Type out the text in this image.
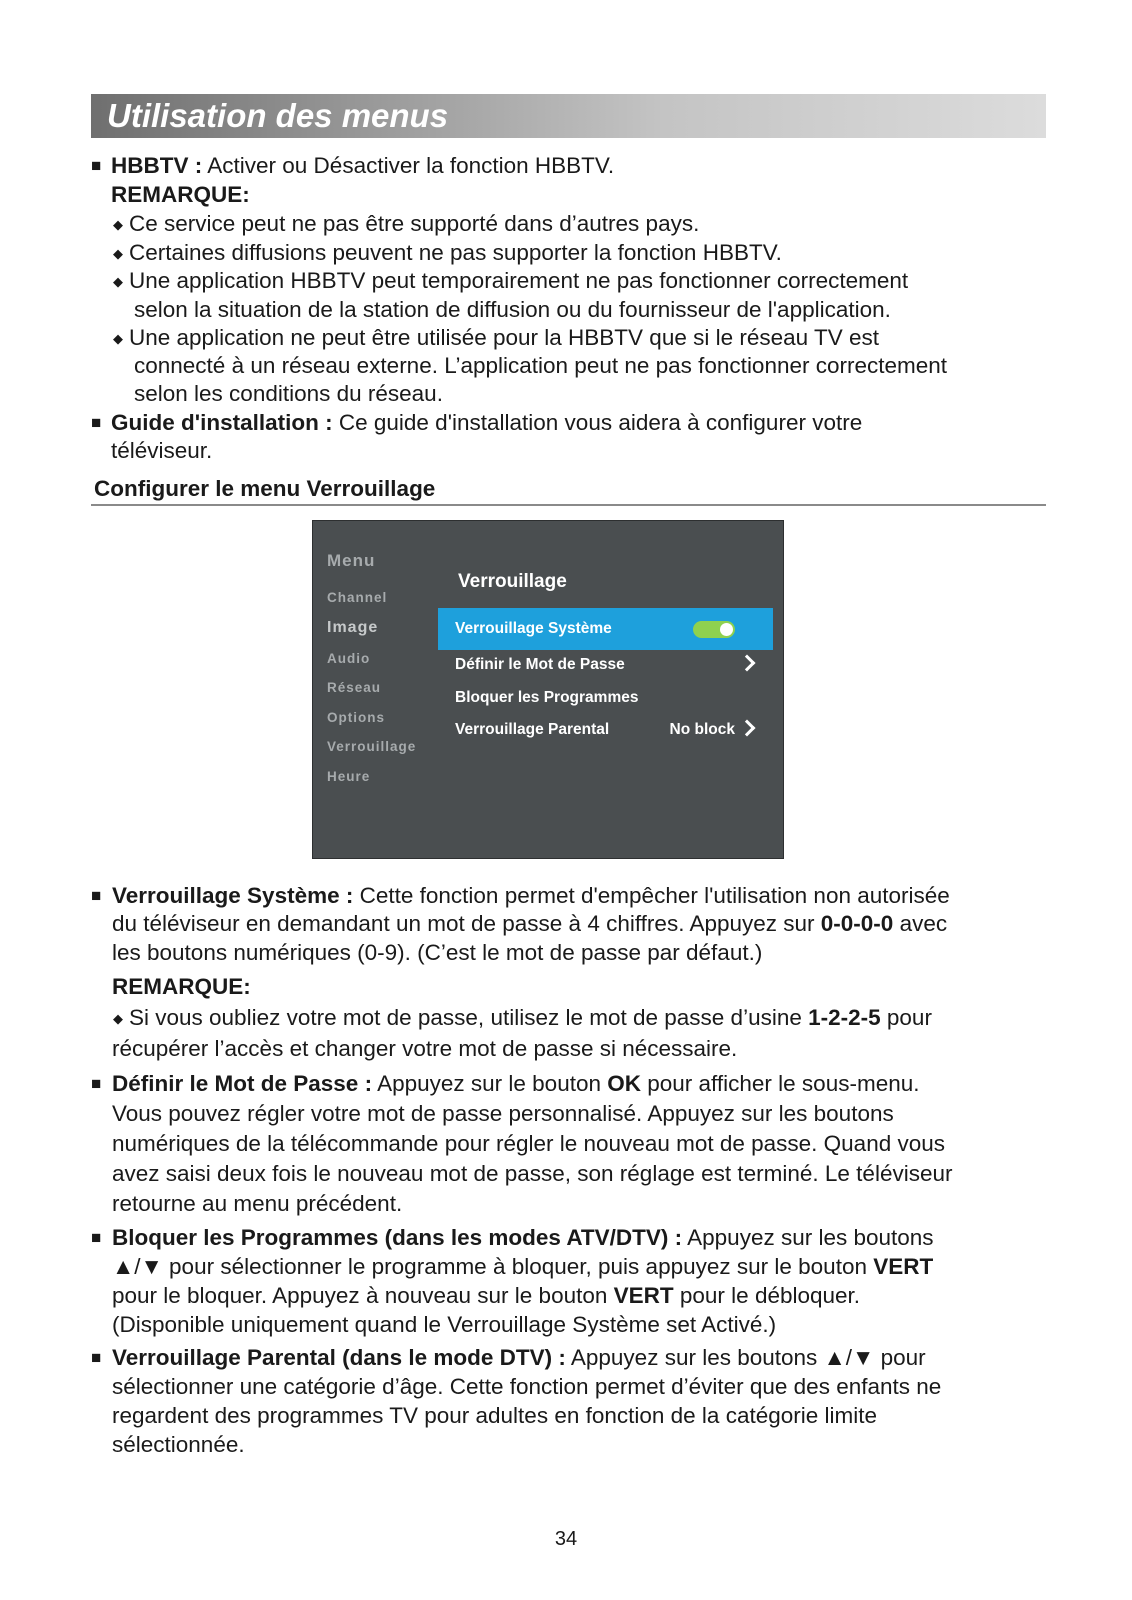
Utilisation des menus
■ HBBTV : Activer ou Désactiver la fonction HBBTV.
REMARQUE:
◆ Ce service peut ne pas être supporté dans d’autres pays.
◆ Certaines diffusions peuvent ne pas supporter la fonction HBBTV.
◆ Une application HBBTV peut temporairement ne pas fonctionner correctement
selon la situation de la station de diffusion ou du fournisseur de l'application.
◆ Une application ne peut être utilisée pour la HBBTV que si le réseau TV est
connecté à un réseau externe. L’application peut ne pas fonctionner correctement
selon les conditions du réseau.
■ Guide d'installation : Ce guide d'installation vous aidera à configurer votre
téléviseur.
Configurer le menu Verrouillage
Menu
Channel
Image
Audio
Réseau
Options
Verrouillage
Heure
Verrouillage
Verrouillage Système
Définir le Mot de Passe
Bloquer les Programmes
Verrouillage Parental	No block
■ Verrouillage Système : Cette fonction permet d'empêcher l'utilisation non autorisée
du téléviseur en demandant un mot de passe à 4 chiffres. Appuyez sur 0-0-0-0 avec
les boutons numériques (0-9). (C’est le mot de passe par défaut.)
REMARQUE:
◆ Si vous oubliez votre mot de passe, utilisez le mot de passe d’usine 1-2-2-5 pour
récupérer l’accès et changer votre mot de passe si nécessaire.
■ Définir le Mot de Passe : Appuyez sur le bouton OK pour afficher le sous-menu.
Vous pouvez régler votre mot de passe personnalisé. Appuyez sur les boutons
numériques de la télécommande pour régler le nouveau mot de passe. Quand vous
avez saisi deux fois le nouveau mot de passe, son réglage est terminé. Le téléviseur
retourne au menu précédent.
■ Bloquer les Programmes (dans les modes ATV/DTV) : Appuyez sur les boutons
▲/▼ pour sélectionner le programme à bloquer, puis appuyez sur le bouton VERT
pour le bloquer. Appuyez à nouveau sur le bouton VERT pour le débloquer.
(Disponible uniquement quand le Verrouillage Système set Activé.)
■ Verrouillage Parental (dans le mode DTV) : Appuyez sur les boutons ▲/▼ pour
sélectionner une catégorie d’âge. Cette fonction permet d’éviter que des enfants ne
regardent des programmes TV pour adultes en fonction de la catégorie limite
sélectionnée.
34
